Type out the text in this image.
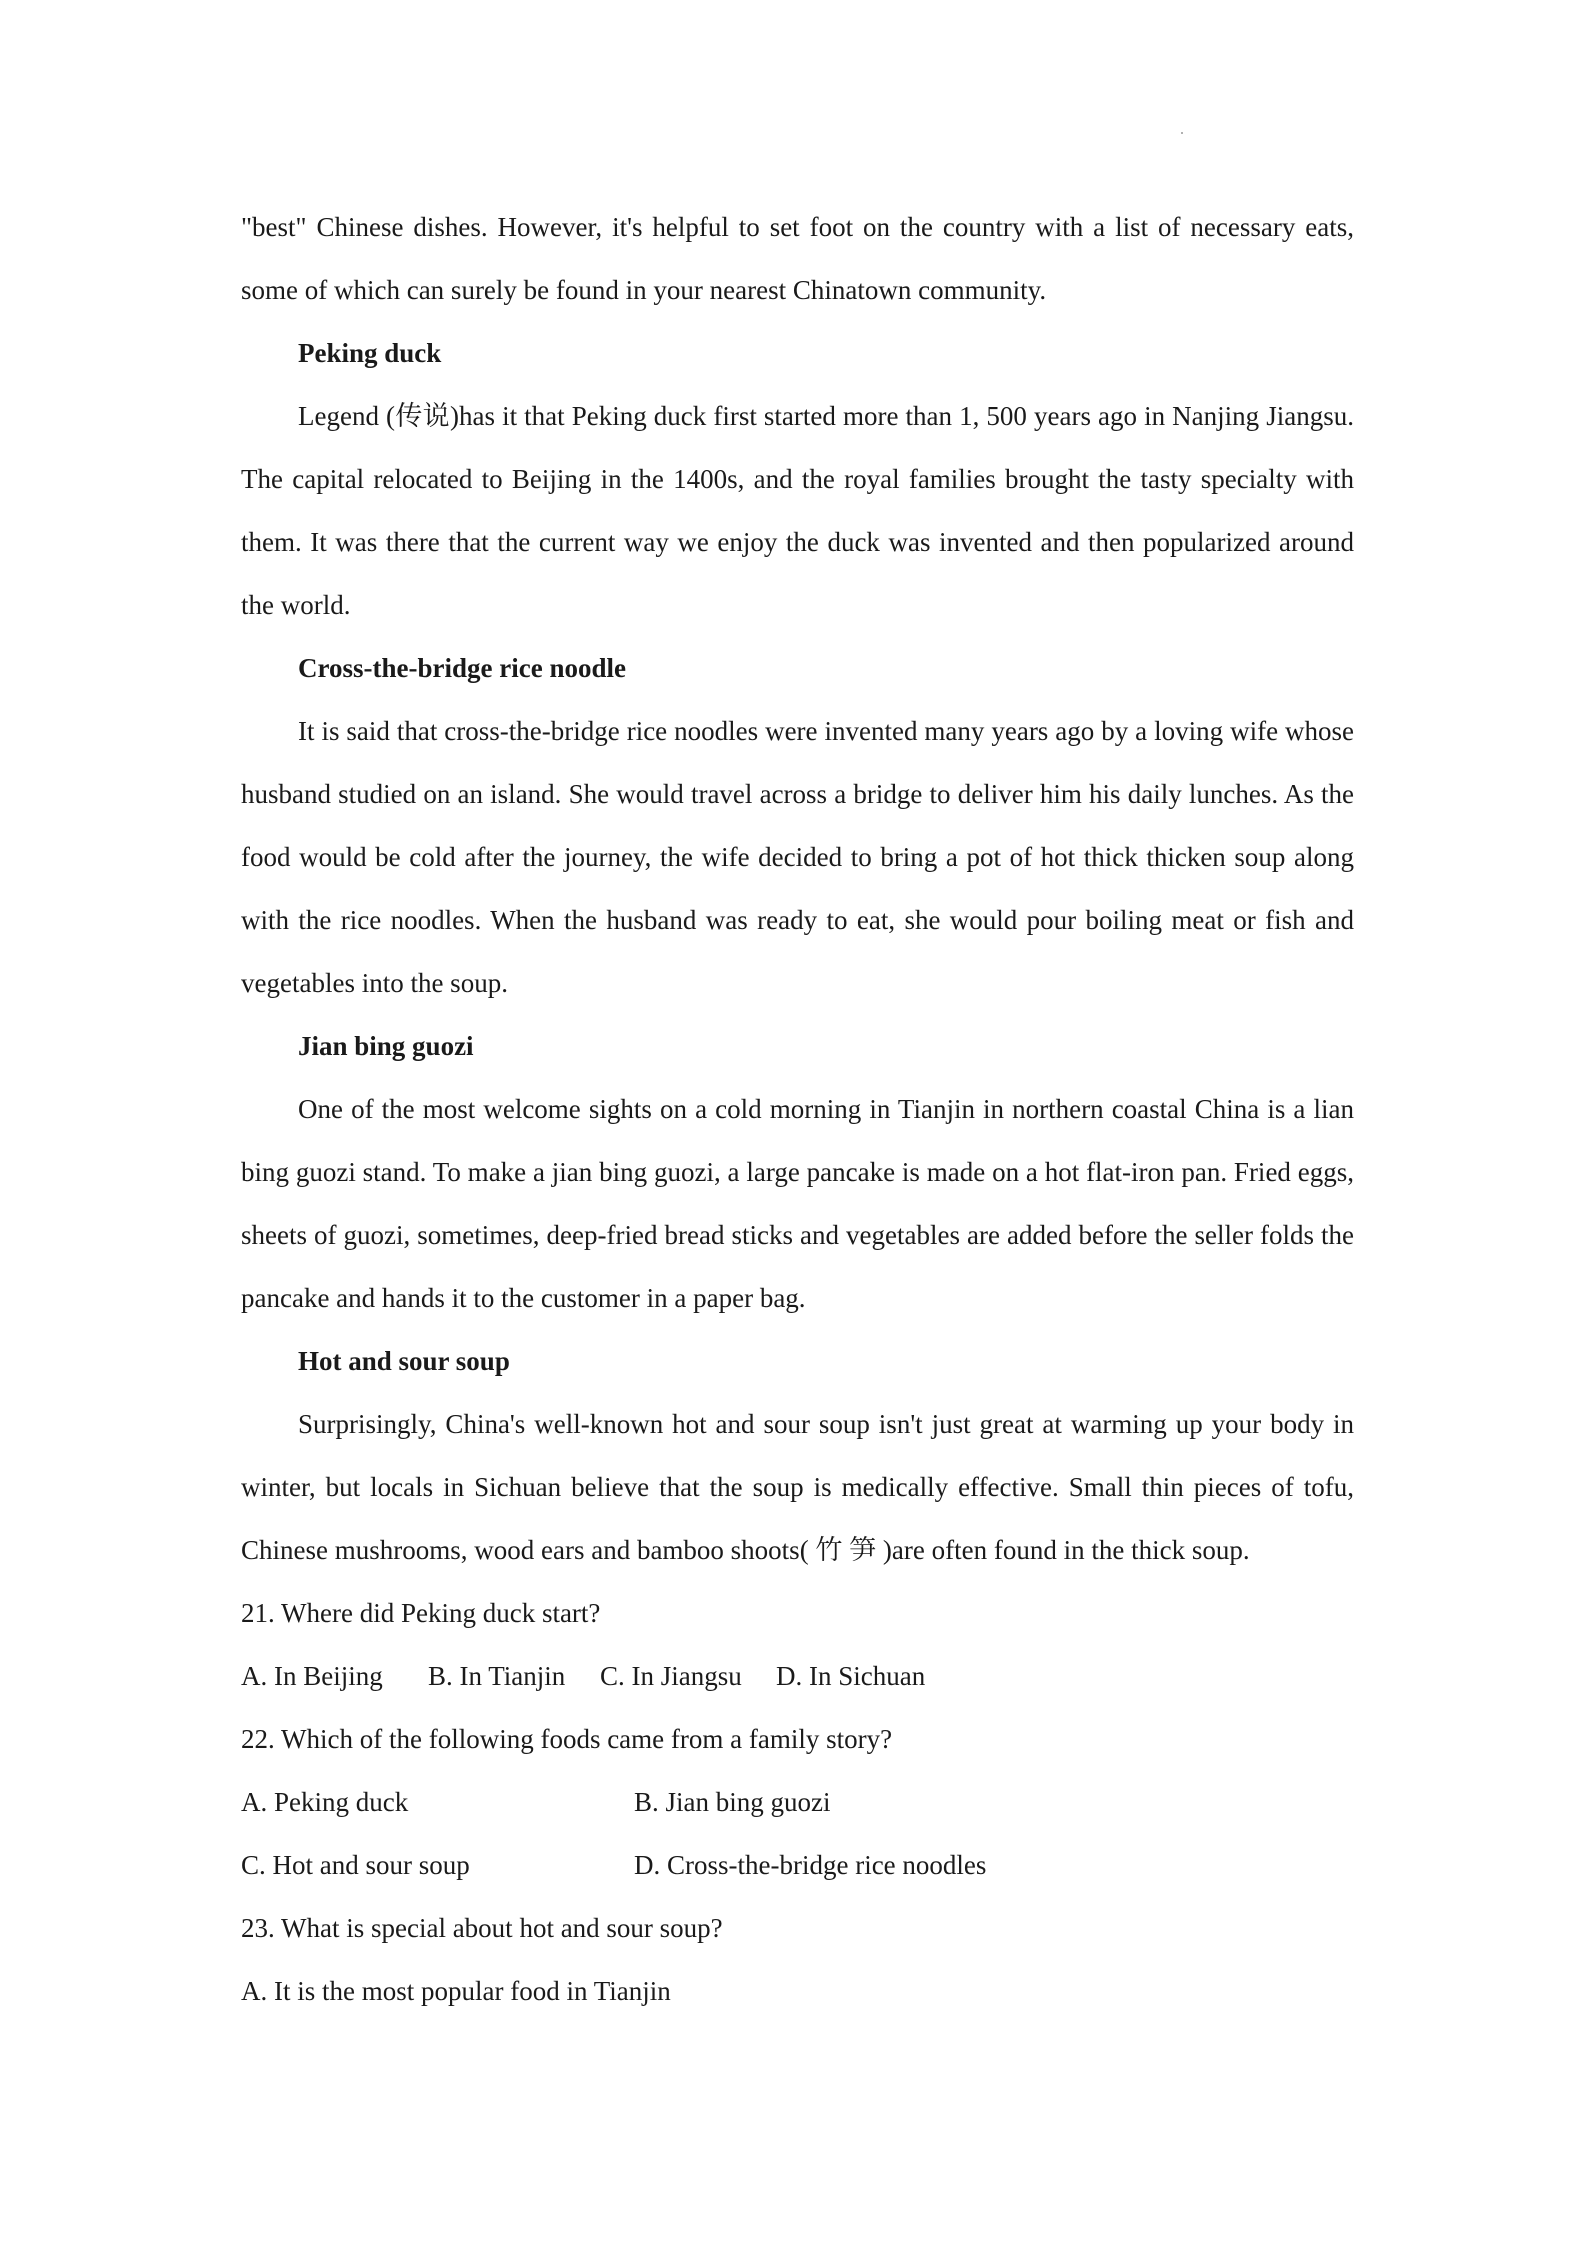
"best" Chinese dishes. However, it's helpful to set foot on the country with a list of necessary eats,
some of which can surely be found in your nearest Chinatown community.
Peking duck
Legend (传说)has it that Peking duck first started more than 1, 500 years ago in Nanjing Jiangsu. The capital relocated to Beijing in the 1400s, and the royal families brought the tasty specialty with them. It was there that the current way we enjoy the duck was invented and then popularized around the world.
Cross-the-bridge rice noodle
It is said that cross-the-bridge rice noodles were invented many years ago by a loving wife whose husband studied on an island. She would travel across a bridge to deliver him his daily lunches. As the food would be cold after the journey, the wife decided to bring a pot of hot thick thicken soup along with the rice noodles. When the husband was ready to eat, she would pour boiling meat or fish and vegetables into the soup.
Jian bing guozi
One of the most welcome sights on a cold morning in Tianjin in northern coastal China is a lian bing guozi stand. To make a jian bing guozi, a large pancake is made on a hot flat-iron pan. Fried eggs, sheets of guozi, sometimes, deep-fried bread sticks and vegetables are added before the seller folds the pancake and hands it to the customer in a paper bag.
Hot and sour soup
Surprisingly, China's well-known hot and sour soup isn't just great at warming up your body in winter, but locals in Sichuan believe that the soup is medically effective. Small thin pieces of tofu, Chinese mushrooms, wood ears and bamboo shoots( 竹 笋 )are often found in the thick soup.
21. Where did Peking duck start?
A. In Beijing	B. In Tianjin	C. In Jiangsu	D. In Sichuan
22. Which of the following foods came from a family story?
A. Peking duck	B. Jian bing guozi
C. Hot and sour soup	D. Cross-the-bridge rice noodles
23. What is special about hot and sour soup?
A. It is the most popular food in Tianjin
